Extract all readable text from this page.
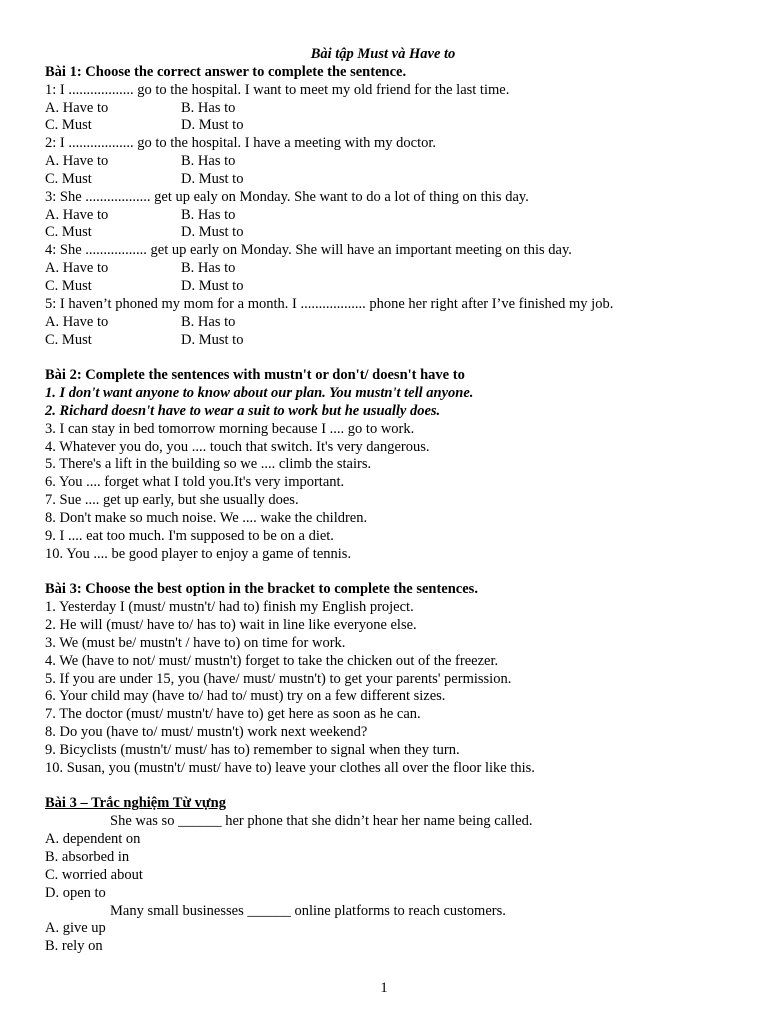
Bài tập Must và Have to
Bài 1: Choose the correct answer to complete the sentence.
1: I .................. go to the hospital. I want to meet my old friend for the last time.
A. Have to	B. Has to
C. Must	D. Must to
2: I .................. go to the hospital. I have a meeting with my doctor.
A. Have to	B. Has to
C. Must	D. Must to
3: She .................. get up ealy on Monday. She want to do a lot of thing on this day.
A. Have to	B. Has to
C. Must	D. Must to
4: She ................. get up early on Monday. She will have an important meeting on this day.
A. Have to	B. Has to
C. Must	D. Must to
5: I haven’t phoned my mom for a month. I .................. phone her right after I’ve finished my job.
A. Have to	B. Has to
C. Must	D. Must to
Bài 2: Complete the sentences with mustn't or don't/ doesn't have to
1. I don't want anyone to know about our plan. You mustn't tell anyone.
2. Richard doesn't have to wear a suit to work but he usually does.
3. I can stay in bed tomorrow morning because I .... go to work.
4. Whatever you do, you .... touch that switch. It's very dangerous.
5. There's a lift in the building so we .... climb the stairs.
6. You .... forget what I told you.It's very important.
7. Sue .... get up early, but she usually does.
8. Don't make so much noise. We .... wake the children.
9. I .... eat too much. I'm supposed to be on a diet.
10. You .... be good player to enjoy a game of tennis.
Bài 3: Choose the best option in the bracket to complete the sentences.
1. Yesterday I (must/ mustn't/ had to) finish my English project.
2. He will (must/ have to/ has to) wait in line like everyone else.
3. We (must be/ mustn't / have to) on time for work.
4. We (have to not/ must/ mustn't) forget to take the chicken out of the freezer.
5. If you are under 15, you (have/ must/ mustn't) to get your parents' permission.
6. Your child may (have to/ had to/ must) try on a few different sizes.
7. The doctor (must/ mustn't/ have to) get here as soon as he can.
8. Do you (have to/ must/ mustn't) work next weekend?
9. Bicyclists (mustn't/ must/ has to) remember to signal when they turn.
10. Susan, you (mustn't/ must/ have to) leave your clothes all over the floor like this.
Bài 3 – Trắc nghiệm Từ vựng
She was so ______ her phone that she didn’t hear her name being called.
A. dependent on
B. absorbed in
C. worried about
D. open to
Many small businesses ______ online platforms to reach customers.
A. give up
B. rely on
1
